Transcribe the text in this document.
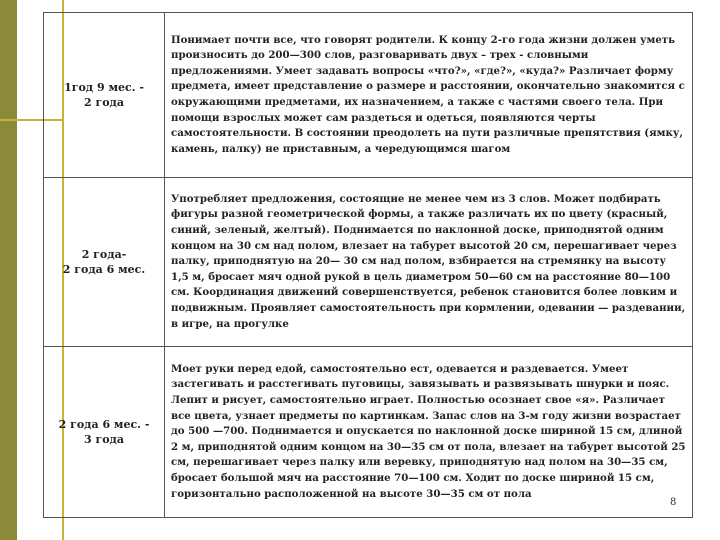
1год 9 мес. -
2 года	Понимает почти все, что говорят родители. К концу 2-го года жизни должен уметь произносить до 200—300 слов, разговаривать двух – трех - словными предложениями. Умеет задавать вопросы «что?», «где?», «куда?» Различает форму предмета, имеет представление о размере и расстоянии, окончательно знакомится с окружающими предметами, их назначением, а также с частями своего тела. При помощи взрослых может сам раздеться и одеться, появляются черты самостоятельности. В состоянии преодолеть на пути различные препятствия (ямку, камень, палку) не приставным, а чередующимся шагом

2 года-
2 года 6 мес.	Употребляет предложения, состоящие не менее чем из 3 слов. Может подбирать фигуры разной геометрической формы, а также различать их по цвету (красный, синий, зеленый, желтый). Поднимается по наклонной доске, приподнятой одним концом на 30 см над полом, влезает на табурет высотой 20 см, перешагивает через палку, приподнятую на 20— 30 см над полом, взбирается на стремянку на высоту 1,5 м, бросает мяч одной рукой в цель диаметром 50—60 см на расстояние 80—100 см. Координация движений совершенствуется, ребенок становится более ловким и подвижным. Проявляет самостоятельность при кормлении, одевании — раздевании, в игре, на прогулке

2 года 6 мес. -
3 года	Моет руки перед едой, самостоятельно ест, одевается и раздевается. Умеет застегивать и расстегивать пуговицы, завязывать и развязывать шнурки и пояс. Лепит и рисует, самостоятельно играет. Полностью осознает свое «я». Различает все цвета, узнает предметы по картинкам. Запас слов на 3-м году жизни возрастает до 500 —700. Поднимается и опускается по наклонной доске шириной 15 см, длиной 2 м, приподнятой одним концом на 30—35 см от пола, влезает на табурет высотой 25 см, перешагивает через палку или веревку, приподнятую над полом на 30—35 см, бросает большой мяч на расстояние 70—100 см. Ходит по доске шириной 15 см, горизонтально расположенной на высоте 30—35 см от пола
8
